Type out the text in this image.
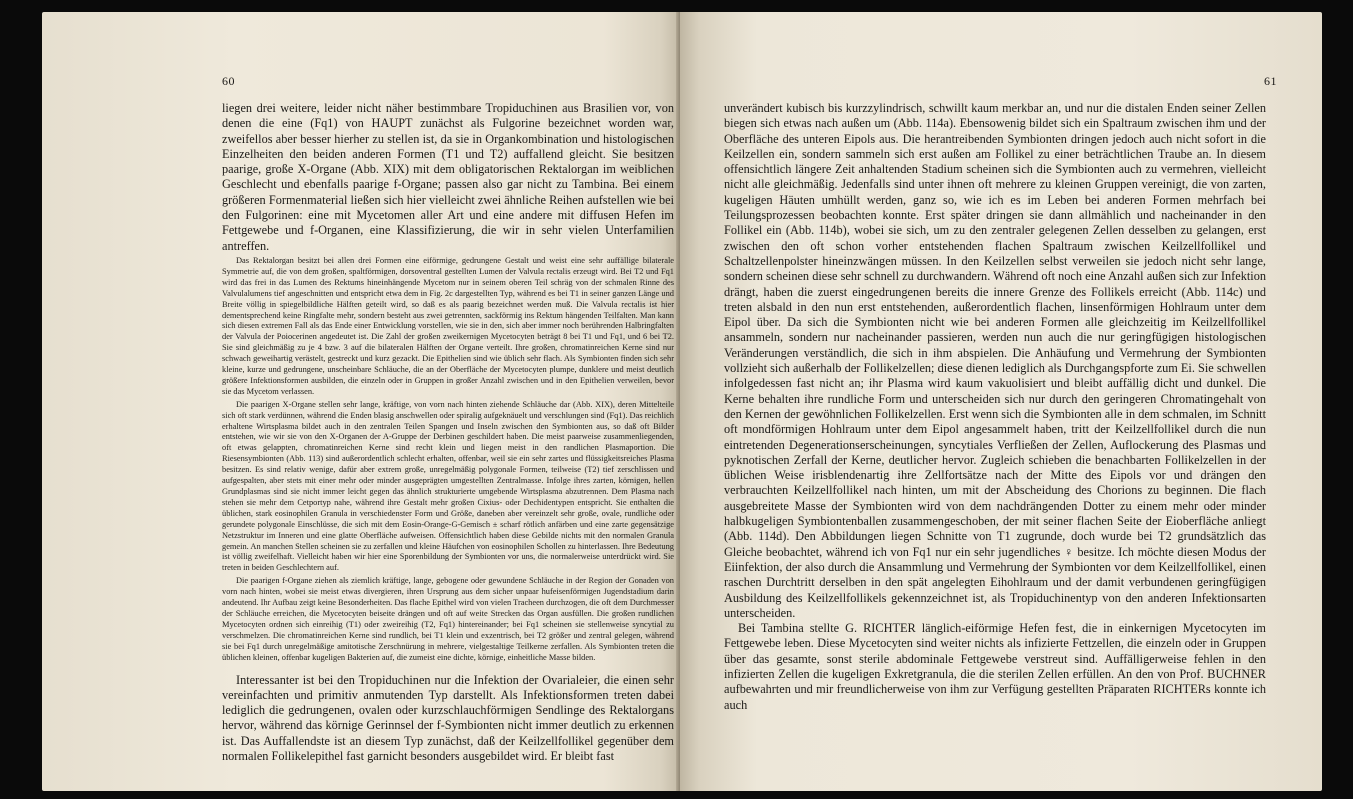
60

liegen drei weitere, leider nicht näher bestimmbare Tropiduchinen aus Brasilien vor, von denen die eine (Fq1) von HAUPT zunächst als Fulgorine bezeichnet worden war, zweifellos aber besser hierher zu stellen ist, da sie in Organkombination und histologischen Einzelheiten den beiden anderen Formen (T1 und T2) auffallend gleicht. Sie besitzen paarige, große X-Organe (Abb. XIX) mit dem obligatorischen Rektalorgan im weiblichen Geschlecht und ebenfalls paarige f-Organe; passen also gar nicht zu Tambina. Bei einem größeren Formenmaterial ließen sich hier vielleicht zwei ähnliche Reihen aufstellen wie bei den Fulgorinen: eine mit Mycetomen aller Art und eine andere mit diffusen Hefen im Fettgewebe und f-Organen, eine Klassifizierung, die wir in sehr vielen Unterfamilien antreffen.

Das Rektalorgan besitzt bei allen drei Formen eine eiförmige, gedrungene Gestalt und weist eine sehr auffällige bilaterale Symmetrie auf, die von dem großen, spaltförmigen, dorsoventral gestellten Lumen der Valvula rectalis erzeugt wird. Bei T2 und Fq1 wird das frei in das Lumen des Rektums hineinhängende Mycetom nur in seinem oberen Teil schräg von der schmalen Rinne des Valvulalumens tief angeschnitten und entspricht etwa dem in Fig. 2c dargestellten Typ, während es bei T1 in seiner ganzen Länge und Breite völlig in spiegelbildliche Hälften geteilt wird, so daß es als paarig bezeichnet werden muß. Die Valvula rectalis ist hier dementsprechend keine Ringfalte mehr, sondern besteht aus zwei getrennten, sackförmig ins Rektum hängenden Teilfalten. Man kann sich diesen extremen Fall als das Ende einer Entwicklung vorstellen, wie sie in den, sich aber immer noch berührenden Halbringfalten der Valvula der Poiocerinen angedeutet ist. Die Zahl der großen zweikernigen Mycetocyten beträgt 8 bei T1 und Fq1, und 6 bei T2. Sie sind gleichmäßig zu je 4 bzw. 3 auf die bilateralen Hälften der Organe verteilt. Ihre großen, chromatinreichen Kerne sind nur schwach geweihartig verästelt, gestreckt und kurz gezackt. Die Epithelien sind wie üblich sehr flach. Als Symbionten finden sich sehr kleine, kurze und gedrungene, unscheinbare Schläuche, die an der Oberfläche der Mycetocyten plumpe, dunklere und meist deutlich größere Infektionsformen ausbilden, die einzeln oder in Gruppen in großer Anzahl zwischen und in den Epithelien verweilen, bevor sie das Mycetom verlassen.

Die paarigen X-Organe stellen sehr lange, kräftige, von vorn nach hinten ziehende Schläuche dar (Abb. XIX), deren Mittelteile sich oft stark verdünnen, während die Enden blasig anschwellen oder spiralig aufgeknäuelt und verschlungen sind (Fq1). Das reichlich erhaltene Wirtsplasma bildet auch in den zentralen Teilen Spangen und Inseln zwischen den Symbionten aus, so daß oft Bilder entstehen, wie wir sie von den X-Organen der A-Gruppe der Derbinen geschildert haben. Die meist paarweise zusammenliegenden, oft etwas gelappten, chromatinreichen Kerne sind recht klein und liegen meist in den randlichen Plasmaportion. Die Riesensymbionten (Abb. 113) sind außerordentlich schlecht erhalten, offenbar, weil sie ein sehr zartes und flüssigkeitsreiches Plasma besitzen. Es sind relativ wenige, dafür aber extrem große, unregelmäßig polygonale Formen, teilweise (T2) tief zerschlissen und aufgespalten, aber stets mit einer mehr oder minder ausgeprägten umgestellten Zentralmasse. Infolge ihres zarten, körnigen, hellen Grundplasmas sind sie nicht immer leicht gegen das ähnlich strukturierte umgebende Wirtsplasma abzutrennen. Dem Plasma nach stehen sie mehr dem Cetportyp nahe, während ihre Gestalt mehr großen Cixius- oder Dechidentypen entspricht. Sie enthalten die üblichen, stark eosinophilen Granula in verschiedenster Form und Größe, daneben aber vereinzelt sehr große, ovale, rundliche oder gerundete polygonale Einschlüsse, die sich mit dem Eosin-Orange-G-Gemisch ± scharf rötlich anfärben und eine zarte gegensätzige Netzstruktur im Inneren und eine glatte Oberfläche aufweisen. Offensichtlich haben diese Gebilde nichts mit den normalen Granula gemein. An manchen Stellen scheinen sie zu zerfallen und kleine Häufchen von eosinophilen Schollen zu hinterlassen. Ihre Bedeutung ist völlig zweifelhaft. Vielleicht haben wir hier eine Sporenbildung der Symbionten vor uns, die normalerweise unterdrückt wird. Sie treten in beiden Geschlechtern auf.

Die paarigen f-Organe ziehen als ziemlich kräftige, lange, gebogene oder gewundene Schläuche in der Region der Gonaden von vorn nach hinten, wobei sie meist etwas divergieren, ihren Ursprung aus dem sicher unpaar hufeisenförmigen Jugendstadium darin andeutend. Ihr Aufbau zeigt keine Besonderheiten. Das flache Epithel wird von vielen Tracheen durchzogen, die oft dem Durchmesser der Schläuche erreichen, die Mycetocyten beiseite drängen und oft auf weite Strecken das Organ ausfüllen. Die großen rundlichen Mycetocyten ordnen sich einreihig (T1) oder zweireihig (T2, Fq1) hintereinander; bei Fq1 scheinen sie stellenweise syncytial zu verschmelzen. Die chromatinreichen Kerne sind rundlich, bei T1 klein und exzentrisch, bei T2 größer und zentral gelegen, während sie bei Fq1 durch unregelmäßige amitotische Zerschnürung in mehrere, vielgestaltige Teilkerne zerfallen. Als Symbionten treten die üblichen kleinen, offenbar kugeligen Bakterien auf, die zumeist eine dichte, körnige, einheitliche Masse bilden.

Interessanter ist bei den Tropiduchinen nur die Infektion der Ovarialeier, die einen sehr vereinfachten und primitiv anmutenden Typ darstellt. Als Infektionsformen treten dabei lediglich die gedrungenen, ovalen oder kurzschlauchförmigen Sendlinge des Rektalorgans hervor, während das körnige Gerinnsel der f-Symbionten nicht immer deutlich zu erkennen ist. Das Auffallendste ist an diesem Typ zunächst, daß der Keilzellfollikel gegenüber dem normalen Follikelepithel fast garnicht besonders ausgebildet wird. Er bleibt fast

61

unverändert kubisch bis kurzzylindrisch, schwillt kaum merkbar an, und nur die distalen Enden seiner Zellen biegen sich etwas nach außen um (Abb. 114a). Ebensowenig bildet sich ein Spaltraum zwischen ihm und der Oberfläche des unteren Eipols aus. Die herantreibenden Symbionten dringen jedoch auch nicht sofort in die Keilzellen ein, sondern sammeln sich erst außen am Follikel zu einer beträchtlichen Traube an. In diesem offensichtlich längere Zeit anhaltenden Stadium scheinen sich die Symbionten auch zu vermehren, vielleicht nicht alle gleichmäßig. Jedenfalls sind unter ihnen oft mehrere zu kleinen Gruppen vereinigt, die von zarten, kugeligen Häuten umhüllt werden, ganz so, wie ich es im Leben bei anderen Formen mehrfach bei Teilungsprozessen beobachten konnte. Erst später dringen sie dann allmählich und nacheinander in den Follikel ein (Abb. 114b), wobei sie sich, um zu den zentraler gelegenen Zellen desselben zu gelangen, erst zwischen den oft schon vorher entstehenden flachen Spaltraum zwischen Keilzellfollikel und Schaltzellenpolster hineinzwängen müssen. In den Keilzellen selbst verweilen sie jedoch nicht sehr lange, sondern scheinen diese sehr schnell zu durchwandern. Während oft noch eine Anzahl außen sich zur Infektion drängt, haben die zuerst eingedrungenen bereits die innere Grenze des Follikels erreicht (Abb. 114c) und treten alsbald in den nun erst entstehenden, außerordentlich flachen, linsenförmigen Hohlraum unter dem Eipol über. Da sich die Symbionten nicht wie bei anderen Formen alle gleichzeitig im Keilzellfollikel ansammeln, sondern nur nacheinander passieren, werden nun auch die nur geringfügigen histologischen Veränderungen verständlich, die sich in ihm abspielen. Die Anhäufung und Vermehrung der Symbionten vollzieht sich außerhalb der Follikelzellen; diese dienen lediglich als Durchgangspforte zum Ei. Sie schwellen infolgedessen fast nicht an; ihr Plasma wird kaum vakuolisiert und bleibt auffällig dicht und dunkel. Die Kerne behalten ihre rundliche Form und unterscheiden sich nur durch den geringeren Chromatingehalt von den Kernen der gewöhnlichen Follikelzellen. Erst wenn sich die Symbionten alle in dem schmalen, im Schnitt oft mondförmigen Hohlraum unter dem Eipol angesammelt haben, tritt der Keilzellfollikel durch die nun eintretenden Degenerationserscheinungen, syncytiales Verfließen der Zellen, Auflockerung des Plasmas und pyknotischen Zerfall der Kerne, deutlicher hervor. Zugleich schieben die benachbarten Follikelzellen in der üblichen Weise irisblendenartig ihre Zellfortsätze nach der Mitte des Eipols vor und drängen den verbrauchten Keilzellfollikel nach hinten, um mit der Abscheidung des Chorions zu beginnen. Die flach ausgebreitete Masse der Symbionten wird von dem nachdrängenden Dotter zu einem mehr oder minder halbkugeligen Symbiontenballen zusammengeschoben, der mit seiner flachen Seite der Eioberfläche anliegt (Abb. 114d). Den Abbildungen liegen Schnitte von T1 zugrunde, doch wurde bei T2 grundsätzlich das Gleiche beobachtet, während ich von Fq1 nur ein sehr jugendliches ♀ besitze. Ich möchte diesen Modus der Eiinfektion, der also durch die Ansammlung und Vermehrung der Symbionten vor dem Keilzellfollikel, einen raschen Durchtritt derselben in den spät angelegten Eihohlraum und der damit verbundenen geringfügigen Ausbildung des Keilzellfollikels gekennzeichnet ist, als Tropiduchinentyp von den anderen Infektionsarten unterscheiden.

Bei Tambina stellte G. RICHTER länglich-eiförmige Hefen fest, die in einkernigen Mycetocyten im Fettgewebe leben. Diese Mycetocyten sind weiter nichts als infizierte Fettzellen, die einzeln oder in Gruppen über das gesamte, sonst sterile abdominale Fettgewebe verstreut sind. Auffälligerweise fehlen in den infizierten Zellen die kugeligen Exkretgranula, die die sterilen Zellen erfüllen. An den von Prof. BUCHNER aufbewahrten und mir freundlicherweise von ihm zur Verfügung gestellten Präparaten RICHTERs konnte ich auch
